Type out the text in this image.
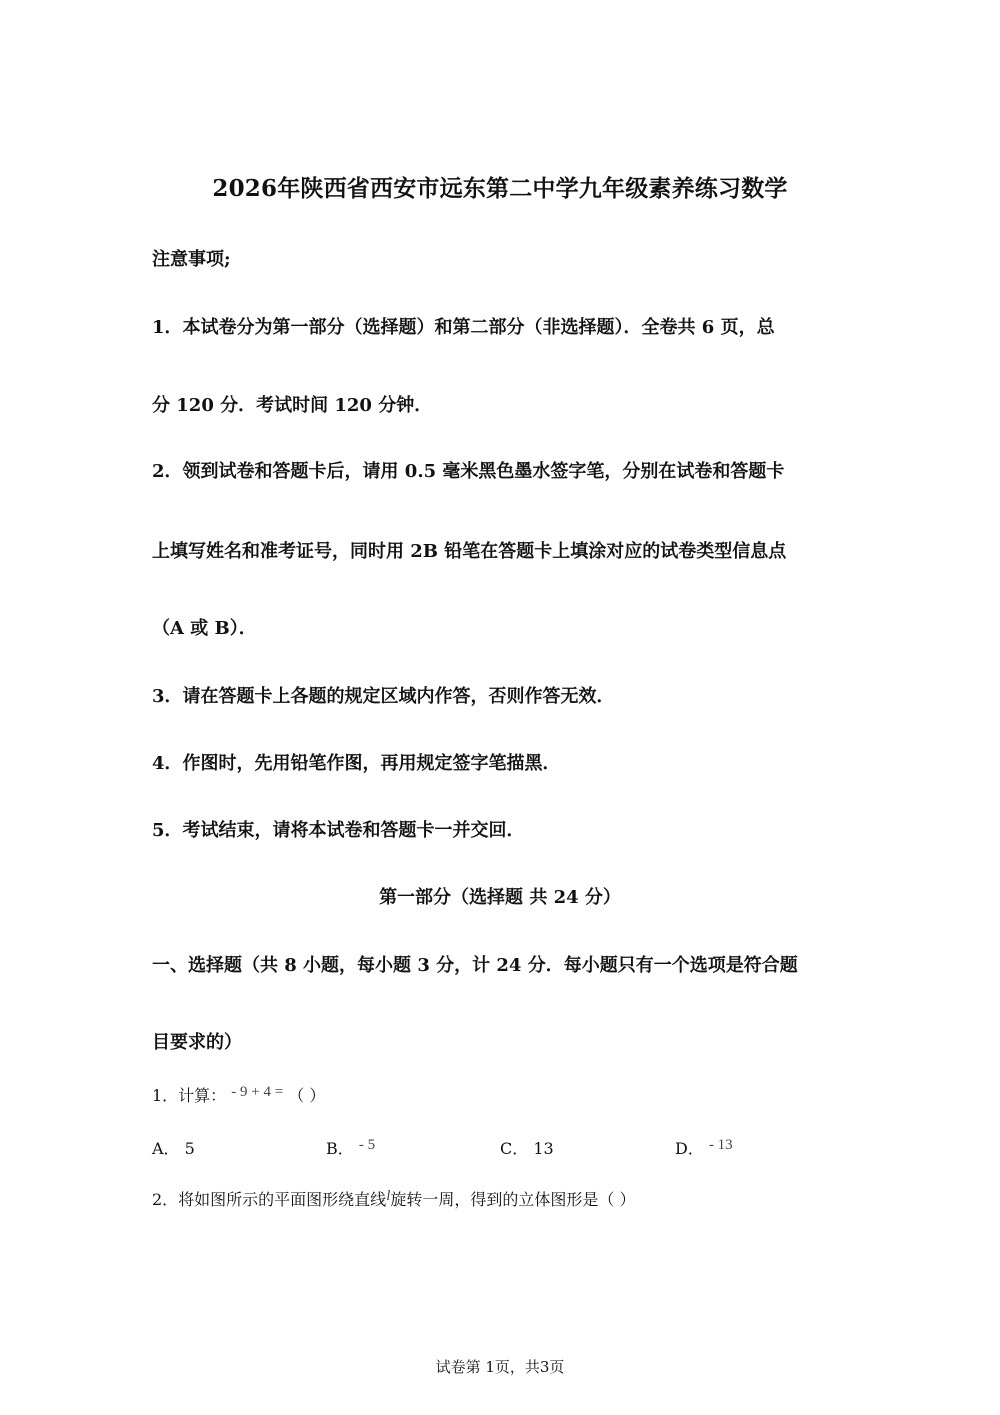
2026年陕西省西安市远东第二中学九年级素养练习数学
注意事项;
1．本试卷分为第一部分（选择题）和第二部分（非选择题）．全卷共 6 页，总
分 120 分．考试时间 120 分钟．
2．领到试卷和答题卡后，请用 0.5 毫米黑色墨水签字笔，分别在试卷和答题卡
上填写姓名和准考证号，同时用 2B 铅笔在答题卡上填涂对应的试卷类型信息点
（A 或 B）．
3．请在答题卡上各题的规定区域内作答，否则作答无效．
4．作图时，先用铅笔作图，再用规定签字笔描黑．
5．考试结束，请将本试卷和答题卡一并交回．
第一部分（选择题 共 24 分）
一、选择题（共 8 小题，每小题 3 分，计 24 分．每小题只有一个选项是符合题
目要求的）
1．计算： - 9 + 4 = （ ）
A． 5	B． - 5	C． 13	D． - 13
2．将如图所示的平面图形绕直线l旋转一周，得到的立体图形是（ ）
试卷第 1页，共3页
